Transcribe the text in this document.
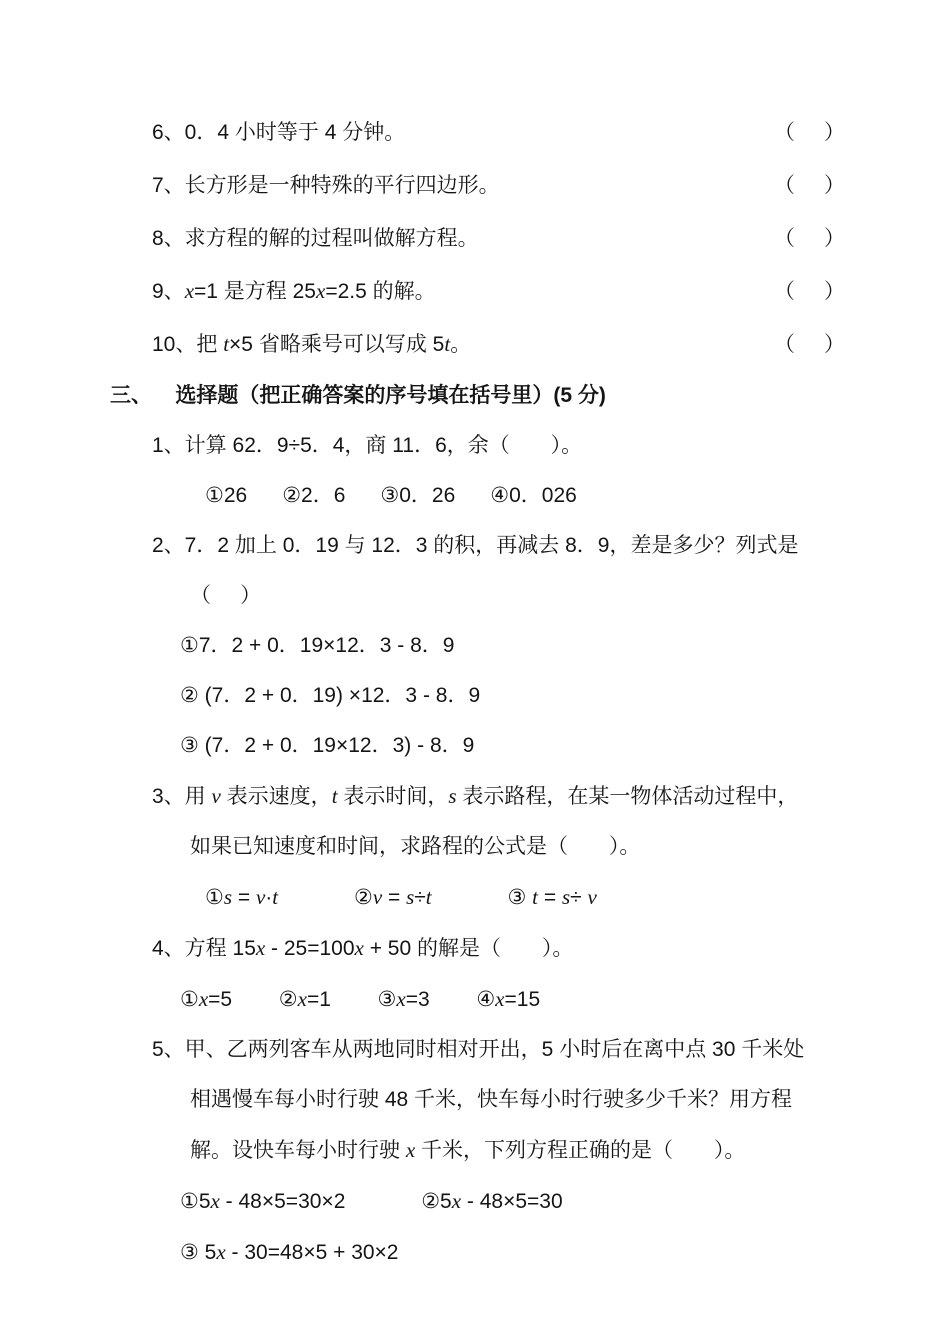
6、0．4 小时等于 4 分钟。	（     ）
7、长方形是一种特殊的平行四边形。	（     ）
8、求方程的解的过程叫做解方程。	（     ）
9、x=1 是方程 25x=2.5 的解。	（     ）
10、把 t×5 省略乘号可以写成 5t。	（     ）
三、    选择题（把正确答案的序号填在括号里）(5 分)
1、计算 62．9÷5．4，商 11．6，余（       ）。
①26      ②2．6      ③0．26      ④0．026
2、7．2 加上 0．19 与 12．3 的积，再减去 8．9，差是多少？列式是
（     ）
①7．2 + 0．19×12．3 - 8．9
② (7．2 + 0．19) ×12．3 - 8．9
③ (7．2 + 0．19×12．3) - 8．9
3、用 v 表示速度，t 表示时间，s 表示路程，在某一物体活动过程中，
如果已知速度和时间，求路程的公式是（       ）。
①s = v·t             ②v = s÷t             ③ t = s÷ v
4、方程 15x - 25=100x + 50 的解是（       ）。
①x=5        ②x=1        ③x=3        ④x=15
5、甲、乙两列客车从两地同时相对开出，5 小时后在离中点 30 千米处
相遇慢车每小时行驶 48 千米，快车每小时行驶多少千米？用方程
解。设快车每小时行驶 x 千米，下列方程正确的是（       ）。
①5x - 48×5=30×2             ②5x - 48×5=30
③ 5x - 30=48×5 + 30×2
